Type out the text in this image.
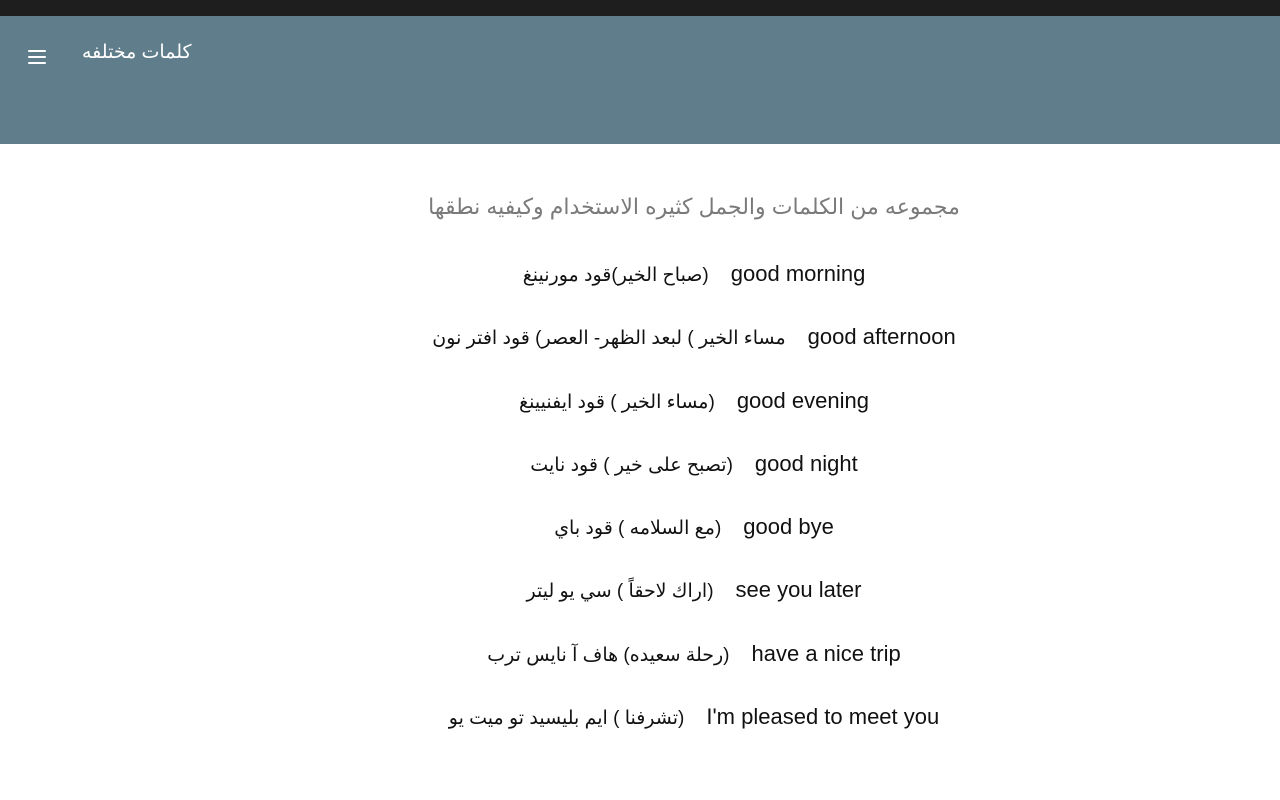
كلمات مختلفه
مجموعه من الكلمات والجمل كثيره الاستخدام وكيفيه نطقها
(صباح الخير)قود مورنينغ good morning
مساء الخير ) لبعد الظهر- العصر) قود افتر نون good afternoon
(مساء الخير ) قود ايفنيينغ good evening
(تصبح على خير ) قود نايت good night
(مع السلامه ) قود باي good bye
(اراك لاحقاً ) سي يو ليتر see you later
(رحلة سعيده) هاف آ نايس ترب have a nice trip
(تشرفنا ) ايم بليسيد تو ميت يو I'm pleased to meet you
